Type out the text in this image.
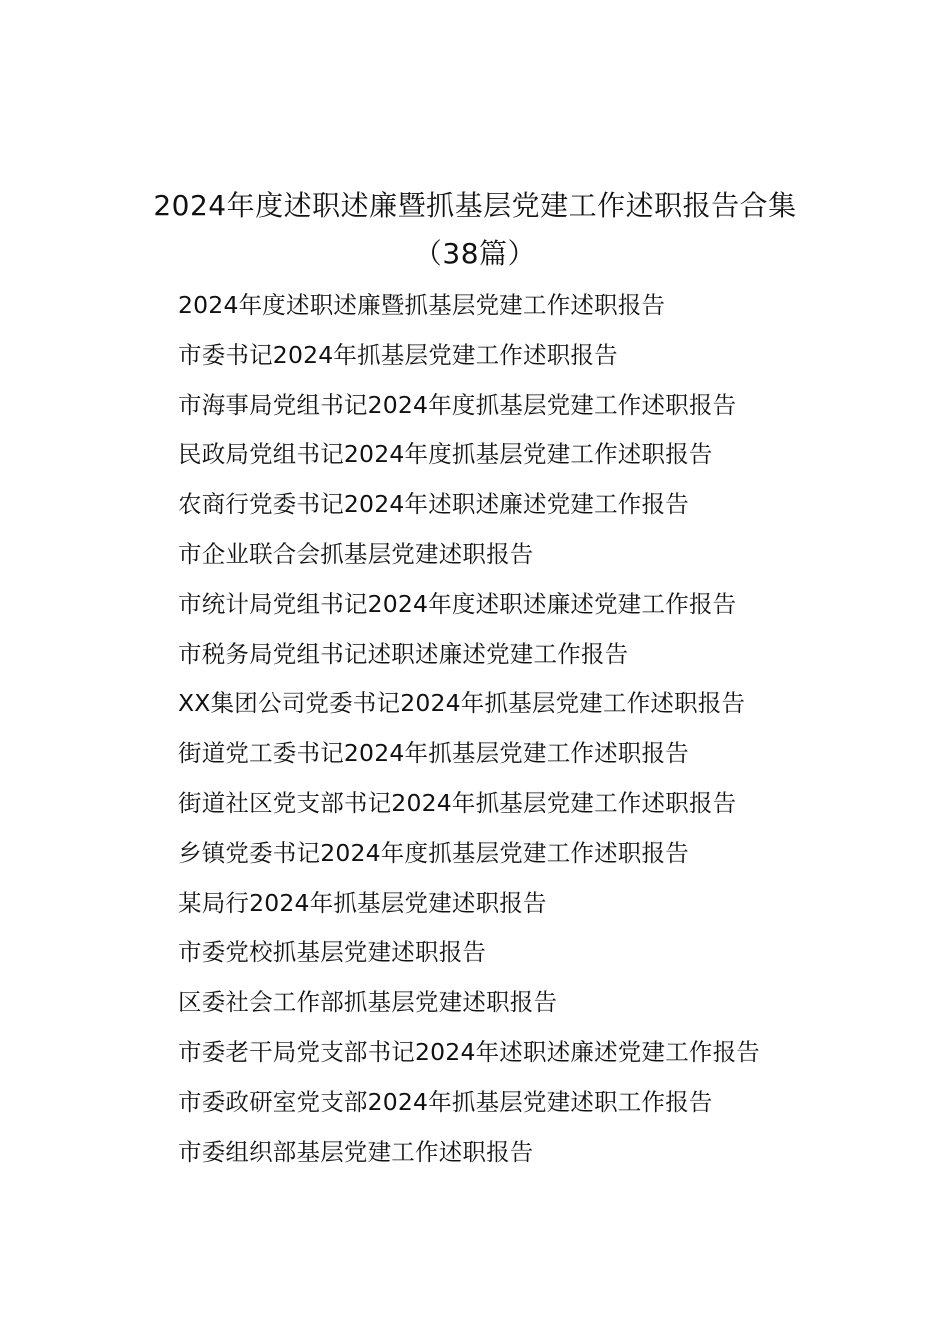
2024年度述职述廉暨抓基层党建工作述职报告合集

（38篇）

2024年度述职述廉暨抓基层党建工作述职报告
市委书记2024年抓基层党建工作述职报告
市海事局党组书记2024年度抓基层党建工作述职报告
民政局党组书记2024年度抓基层党建工作述职报告
农商行党委书记2024年述职述廉述党建工作报告
市企业联合会抓基层党建述职报告
市统计局党组书记2024年度述职述廉述党建工作报告
市税务局党组书记述职述廉述党建工作报告
XX集团公司党委书记2024年抓基层党建工作述职报告
街道党工委书记2024年抓基层党建工作述职报告
街道社区党支部书记2024年抓基层党建工作述职报告
乡镇党委书记2024年度抓基层党建工作述职报告
某局行2024年抓基层党建述职报告
市委党校抓基层党建述职报告
区委社会工作部抓基层党建述职报告
市委老干局党支部书记2024年述职述廉述党建工作报告
市委政研室党支部2024年抓基层党建述职工作报告
市委组织部基层党建工作述职报告
